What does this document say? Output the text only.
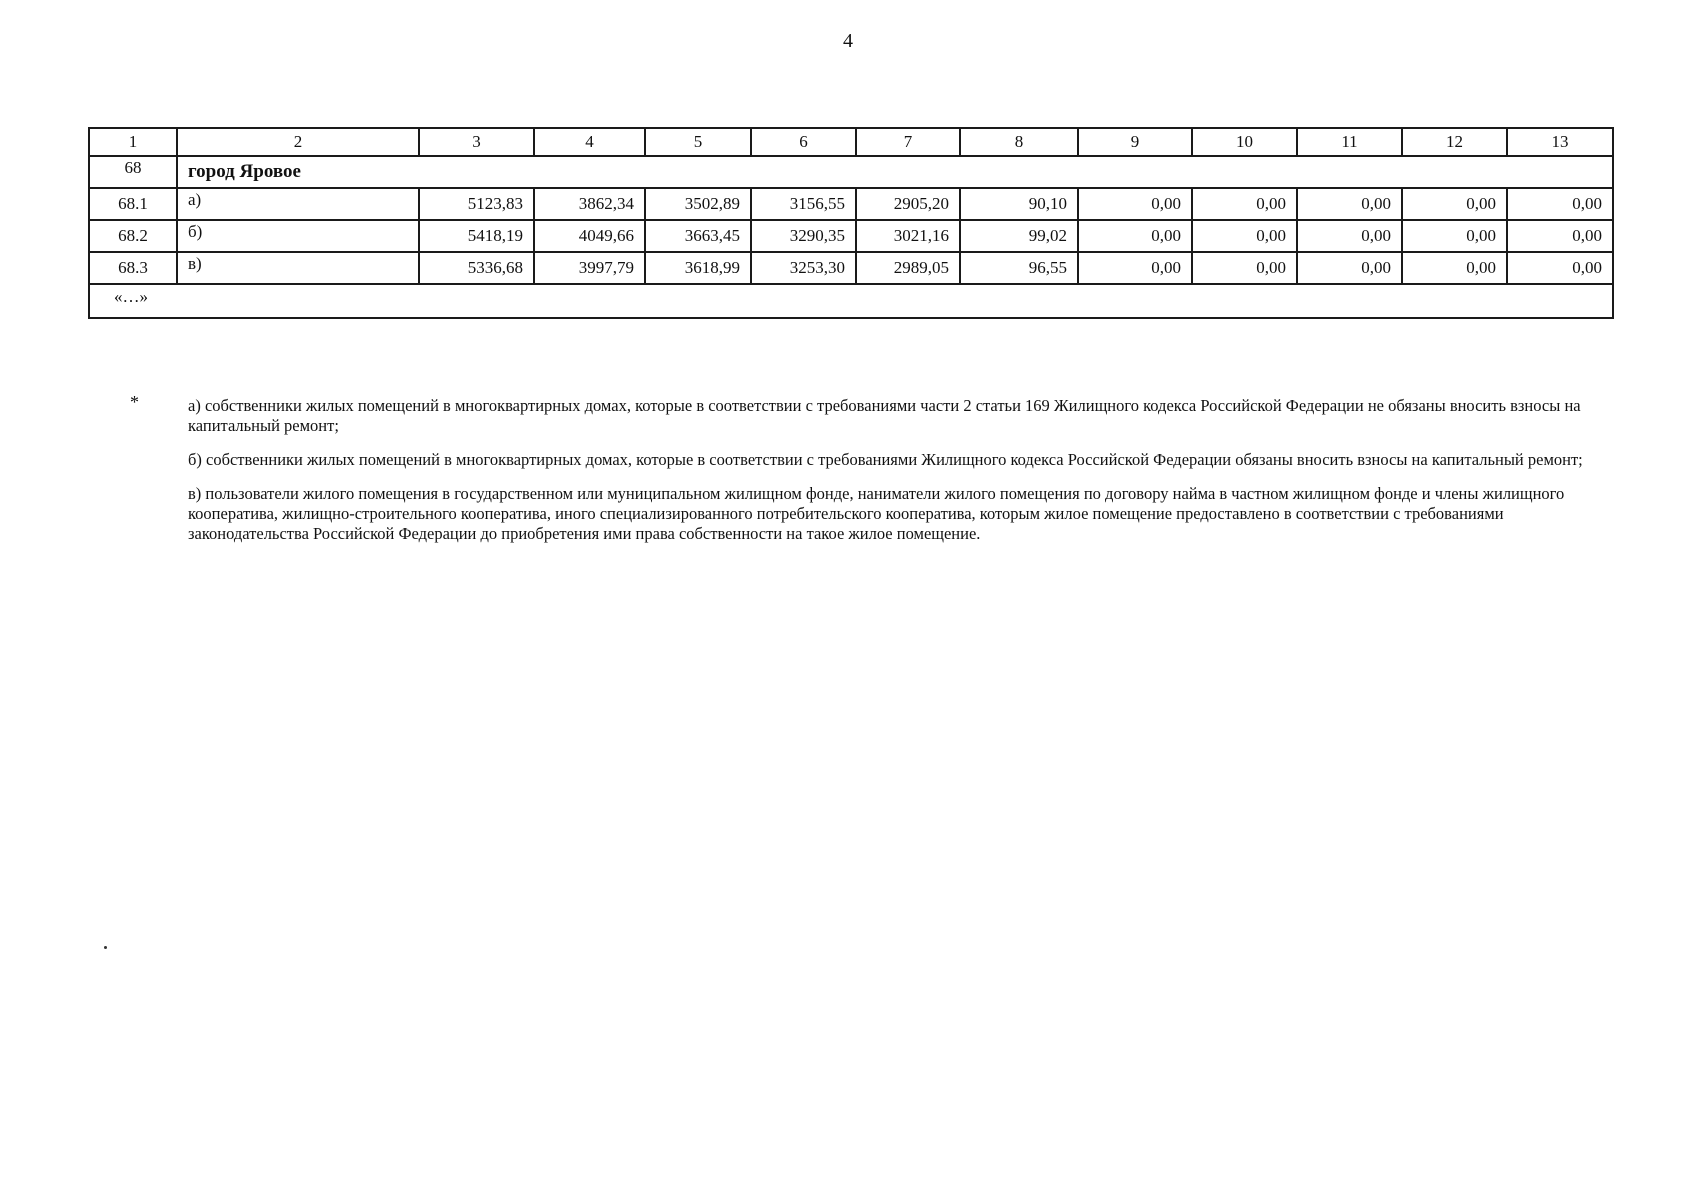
4
1	2	3	4	5	6	7	8	9	10	11	12	13
68	город Яровое											
68.1	а)	5123,83	3862,34	3502,89	3156,55	2905,20	90,10	0,00	0,00	0,00	0,00	0,00
68.2	б)	5418,19	4049,66	3663,45	3290,35	3021,16	99,02	0,00	0,00	0,00	0,00	0,00
68.3	в)	5336,68	3997,79	3618,99	3253,30	2989,05	96,55	0,00	0,00	0,00	0,00	0,00
«…»												
*	а) собственники жилых помещений в многоквартирных домах, которые в соответствии с требованиями части 2 статьи 169 Жилищного кодекса Российской Федерации не обязаны вносить взносы на капитальный ремонт;

б) собственники жилых помещений в многоквартирных домах, которые в соответствии с требованиями Жилищного кодекса Российской Федерации обязаны вносить взносы на капитальный ремонт;

в) пользователи жилого помещения в государственном или муниципальном жилищном фонде, наниматели жилого помещения по договору найма в частном жилищном фонде и члены жилищного кооператива, жилищно-строительного кооператива, иного специализированного потребительского кооператива, которым жилое помещение предоставлено в соответствии с требованиями законодательства Российской Федерации до приобретения ими права собственности на такое жилое помещение.
